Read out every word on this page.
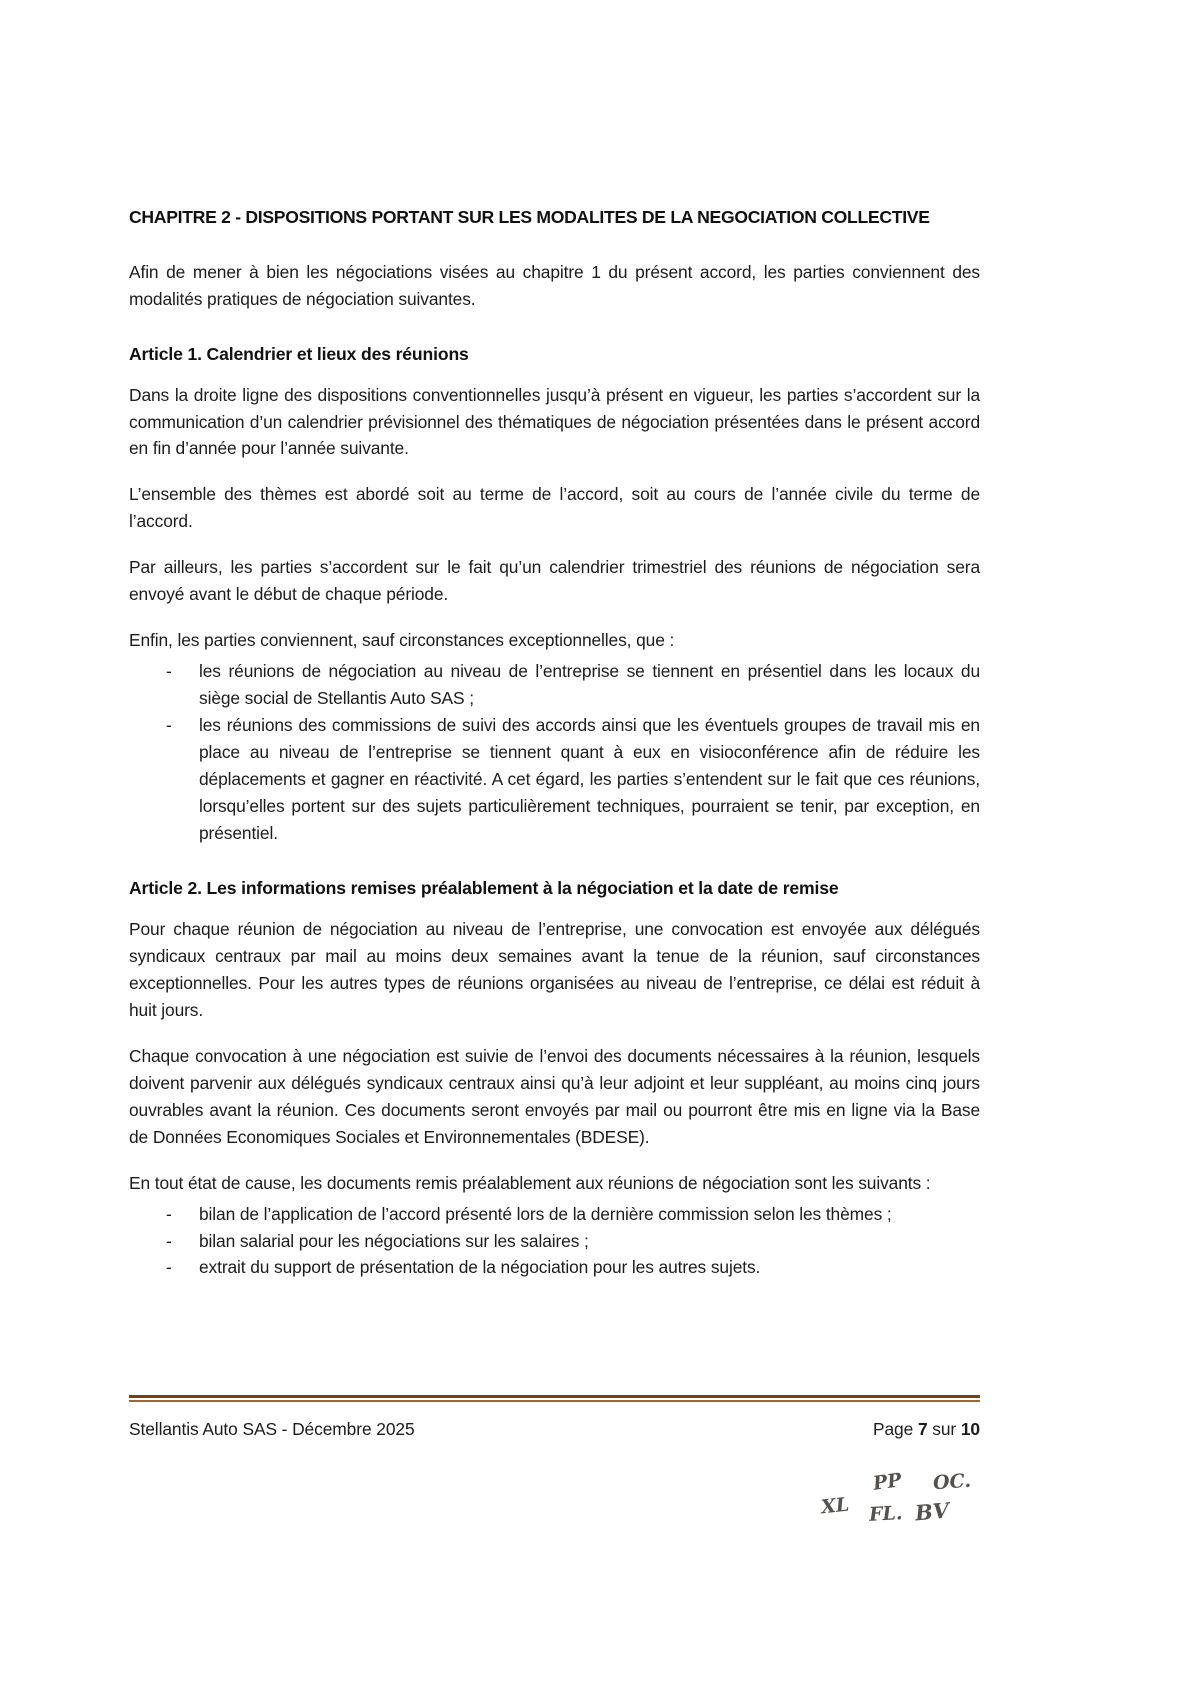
CHAPITRE 2 - DISPOSITIONS PORTANT SUR LES MODALITES DE LA NEGOCIATION COLLECTIVE

Afin de mener à bien les négociations visées au chapitre 1 du présent accord, les parties conviennent des modalités pratiques de négociation suivantes.

Article 1. Calendrier et lieux des réunions

Dans la droite ligne des dispositions conventionnelles jusqu’à présent en vigueur, les parties s’accordent sur la communication d’un calendrier prévisionnel des thématiques de négociation présentées dans le présent accord en fin d’année pour l’année suivante.

L’ensemble des thèmes est abordé soit au terme de l’accord, soit au cours de l’année civile du terme de l’accord.

Par ailleurs, les parties s’accordent sur le fait qu’un calendrier trimestriel des réunions de négociation sera envoyé avant le début de chaque période.

Enfin, les parties conviennent, sauf circonstances exceptionnelles, que :

- les réunions de négociation au niveau de l’entreprise se tiennent en présentiel dans les locaux du siège social de Stellantis Auto SAS ;
- les réunions des commissions de suivi des accords ainsi que les éventuels groupes de travail mis en place au niveau de l’entreprise se tiennent quant à eux en visioconférence afin de réduire les déplacements et gagner en réactivité. A cet égard, les parties s’entendent sur le fait que ces réunions, lorsqu’elles portent sur des sujets particulièrement techniques, pourraient se tenir, par exception, en présentiel.
Article 2. Les informations remises préalablement à la négociation et la date de remise

Pour chaque réunion de négociation au niveau de l’entreprise, une convocation est envoyée aux délégués syndicaux centraux par mail au moins deux semaines avant la tenue de la réunion, sauf circonstances exceptionnelles. Pour les autres types de réunions organisées au niveau de l’entreprise, ce délai est réduit à huit jours.

Chaque convocation à une négociation est suivie de l’envoi des documents nécessaires à la réunion, lesquels doivent parvenir aux délégués syndicaux centraux ainsi qu’à leur adjoint et leur suppléant, au moins cinq jours ouvrables avant la réunion. Ces documents seront envoyés par mail ou pourront être mis en ligne via la Base de Données Economiques Sociales et Environnementales (BDESE).

En tout état de cause, les documents remis préalablement aux réunions de négociation sont les suivants :

- bilan de l’application de l’accord présenté lors de la dernière commission selon les thèmes ;
- bilan salarial pour les négociations sur les salaires ;
- extrait du support de présentation de la négociation pour les autres sujets.
Stellantis Auto SAS - Décembre 2025	Page 7 sur 10
XL
PP OC.
FL. BV
